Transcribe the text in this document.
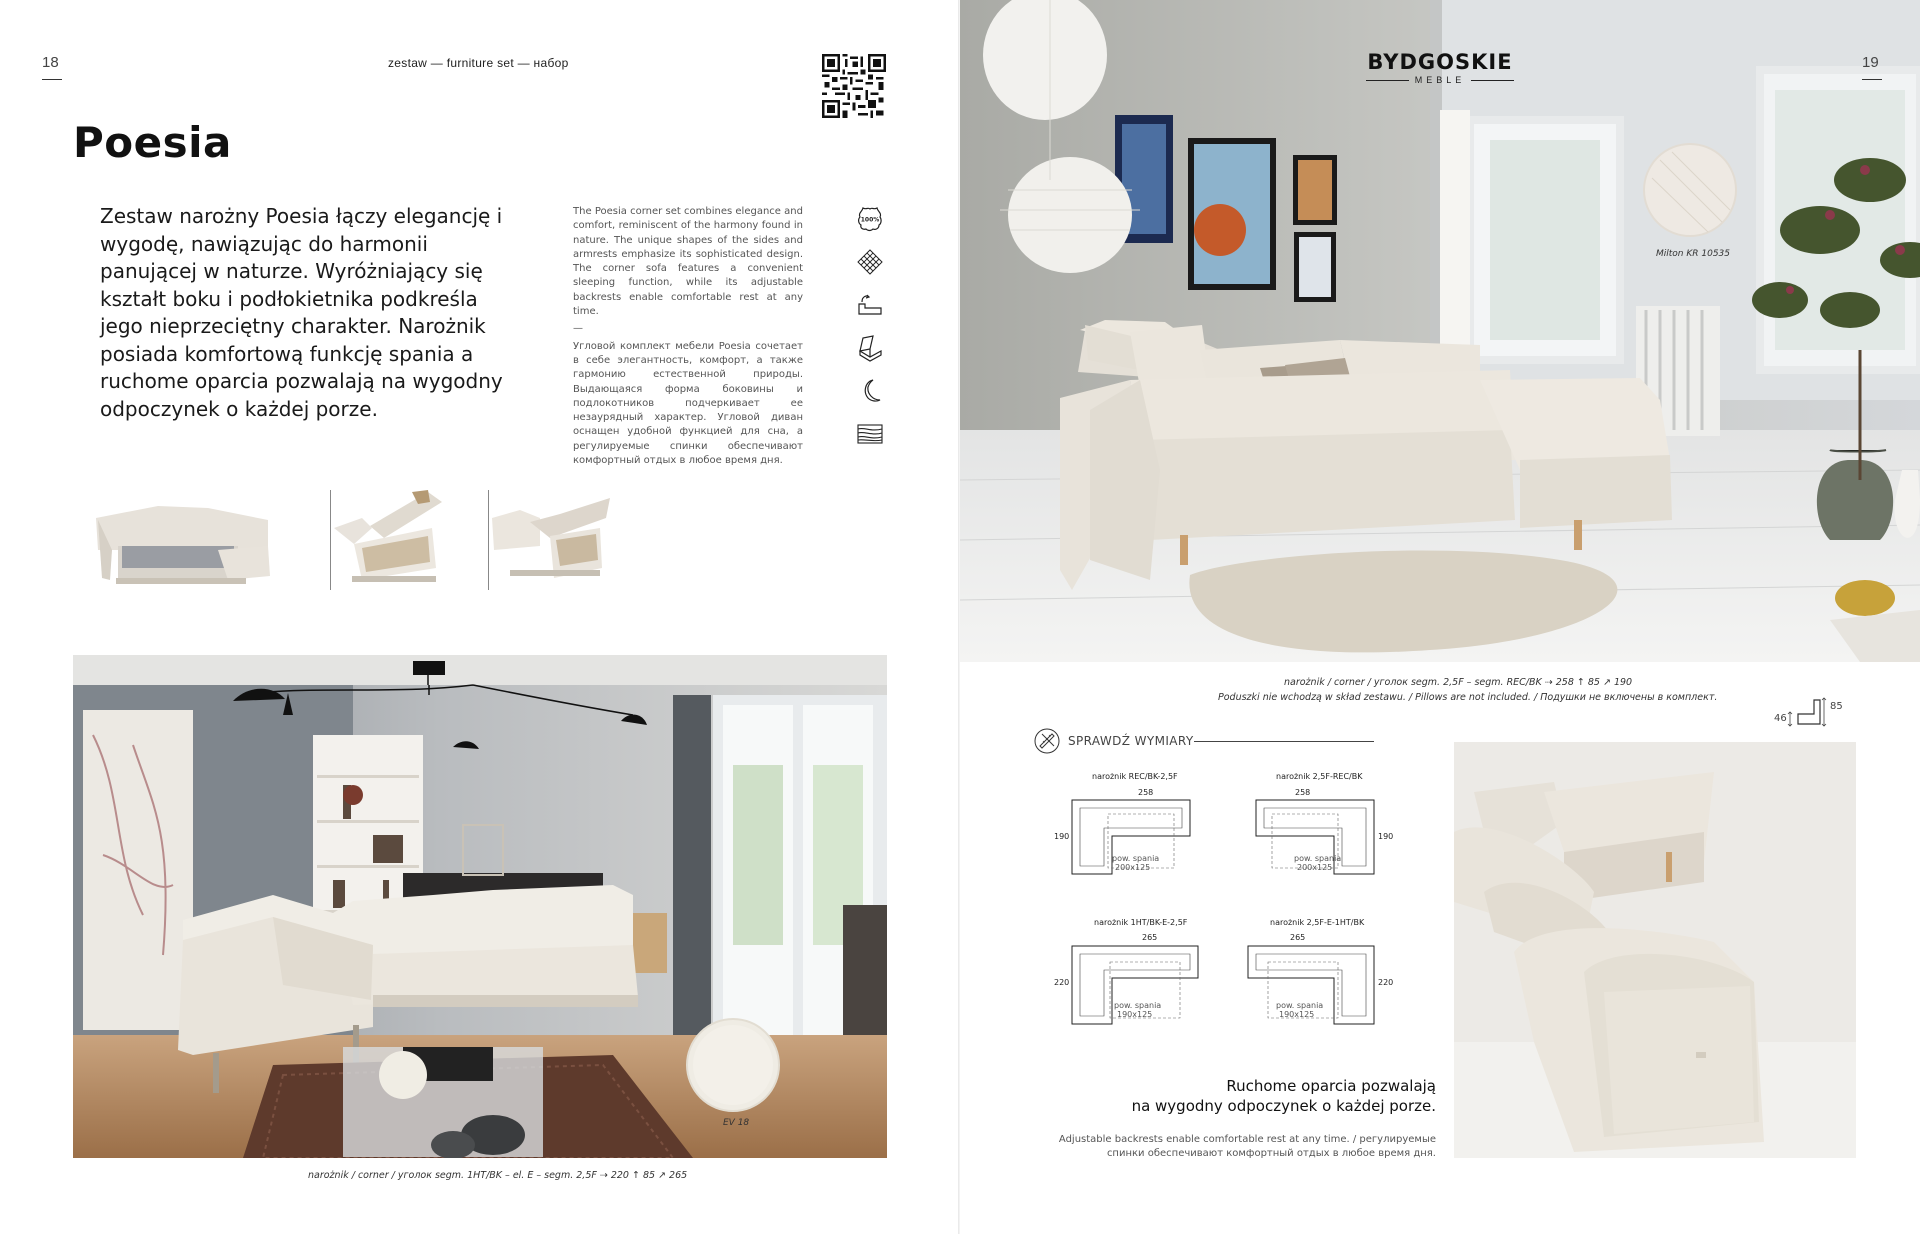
18	zestaw — furniture set — набор
Poesia

Zestaw narożny Poesia łączy elegancję i wygodę, nawiązując do harmonii panującej w naturze. Wyróżniający się kształt boku i podłokietnika podkreśla jego nieprzeciętny charakter. Narożnik posiada komfortową funkcję spania a ruchome oparcia pozwalają na wygodny odpoczynek o każdej porze.

The Poesia corner set combines elegance and comfort, reminiscent of the harmony found in nature. The unique shapes of the sides and armrests emphasize its sophisticated design. The corner sofa features a convenient sleeping function, while its adjustable backrests enable comfortable rest at any time.
—
Угловой комплект мебели Poesia сочетает в себе элегантность, комфорт, а также гармонию естественной природы. Выдающаяся форма боковины и подлокотников подчеркивает ее незаурядный характер. Угловой диван оснащен удобной функцией для сна, а регулируемые спинки обеспечивают комфортный отдых в любое время дня.
100%
EV 18
narożnik / corner / уголок segm. 1HT/BK – el. E – segm. 2,5F ⇢ 220 ↑ 85 ↗ 265
BYDGOSKIE
MEBLE
19
Milton KR 10535
narożnik / corner / уголок segm. 2,5F – segm. REC/BK ⇢ 258 ↑ 85 ↗ 190
Poduszki nie wchodzą w skład zestawu. / Pillows are not included. / Подушки не включены в комплект.
46
85
SPRAWDŹ WYMIARY
narożnik REC/BK-2,5F
258
190
pow. spania
200x125
narożnik 2,5F-REC/BK
258
190
pow. spania
200x125
narożnik 1HT/BK-E-2,5F
265
220
pow. spania
190x125
narożnik 2,5F-E-1HT/BK
265
220
pow. spania
190x125
Ruchome oparcia pozwalają
na wygodny odpoczynek o każdej porze.
Adjustable backrests enable comfortable rest at any time. / регулируемые
спинки обеспечивают комфортный отдых в любое время дня.
